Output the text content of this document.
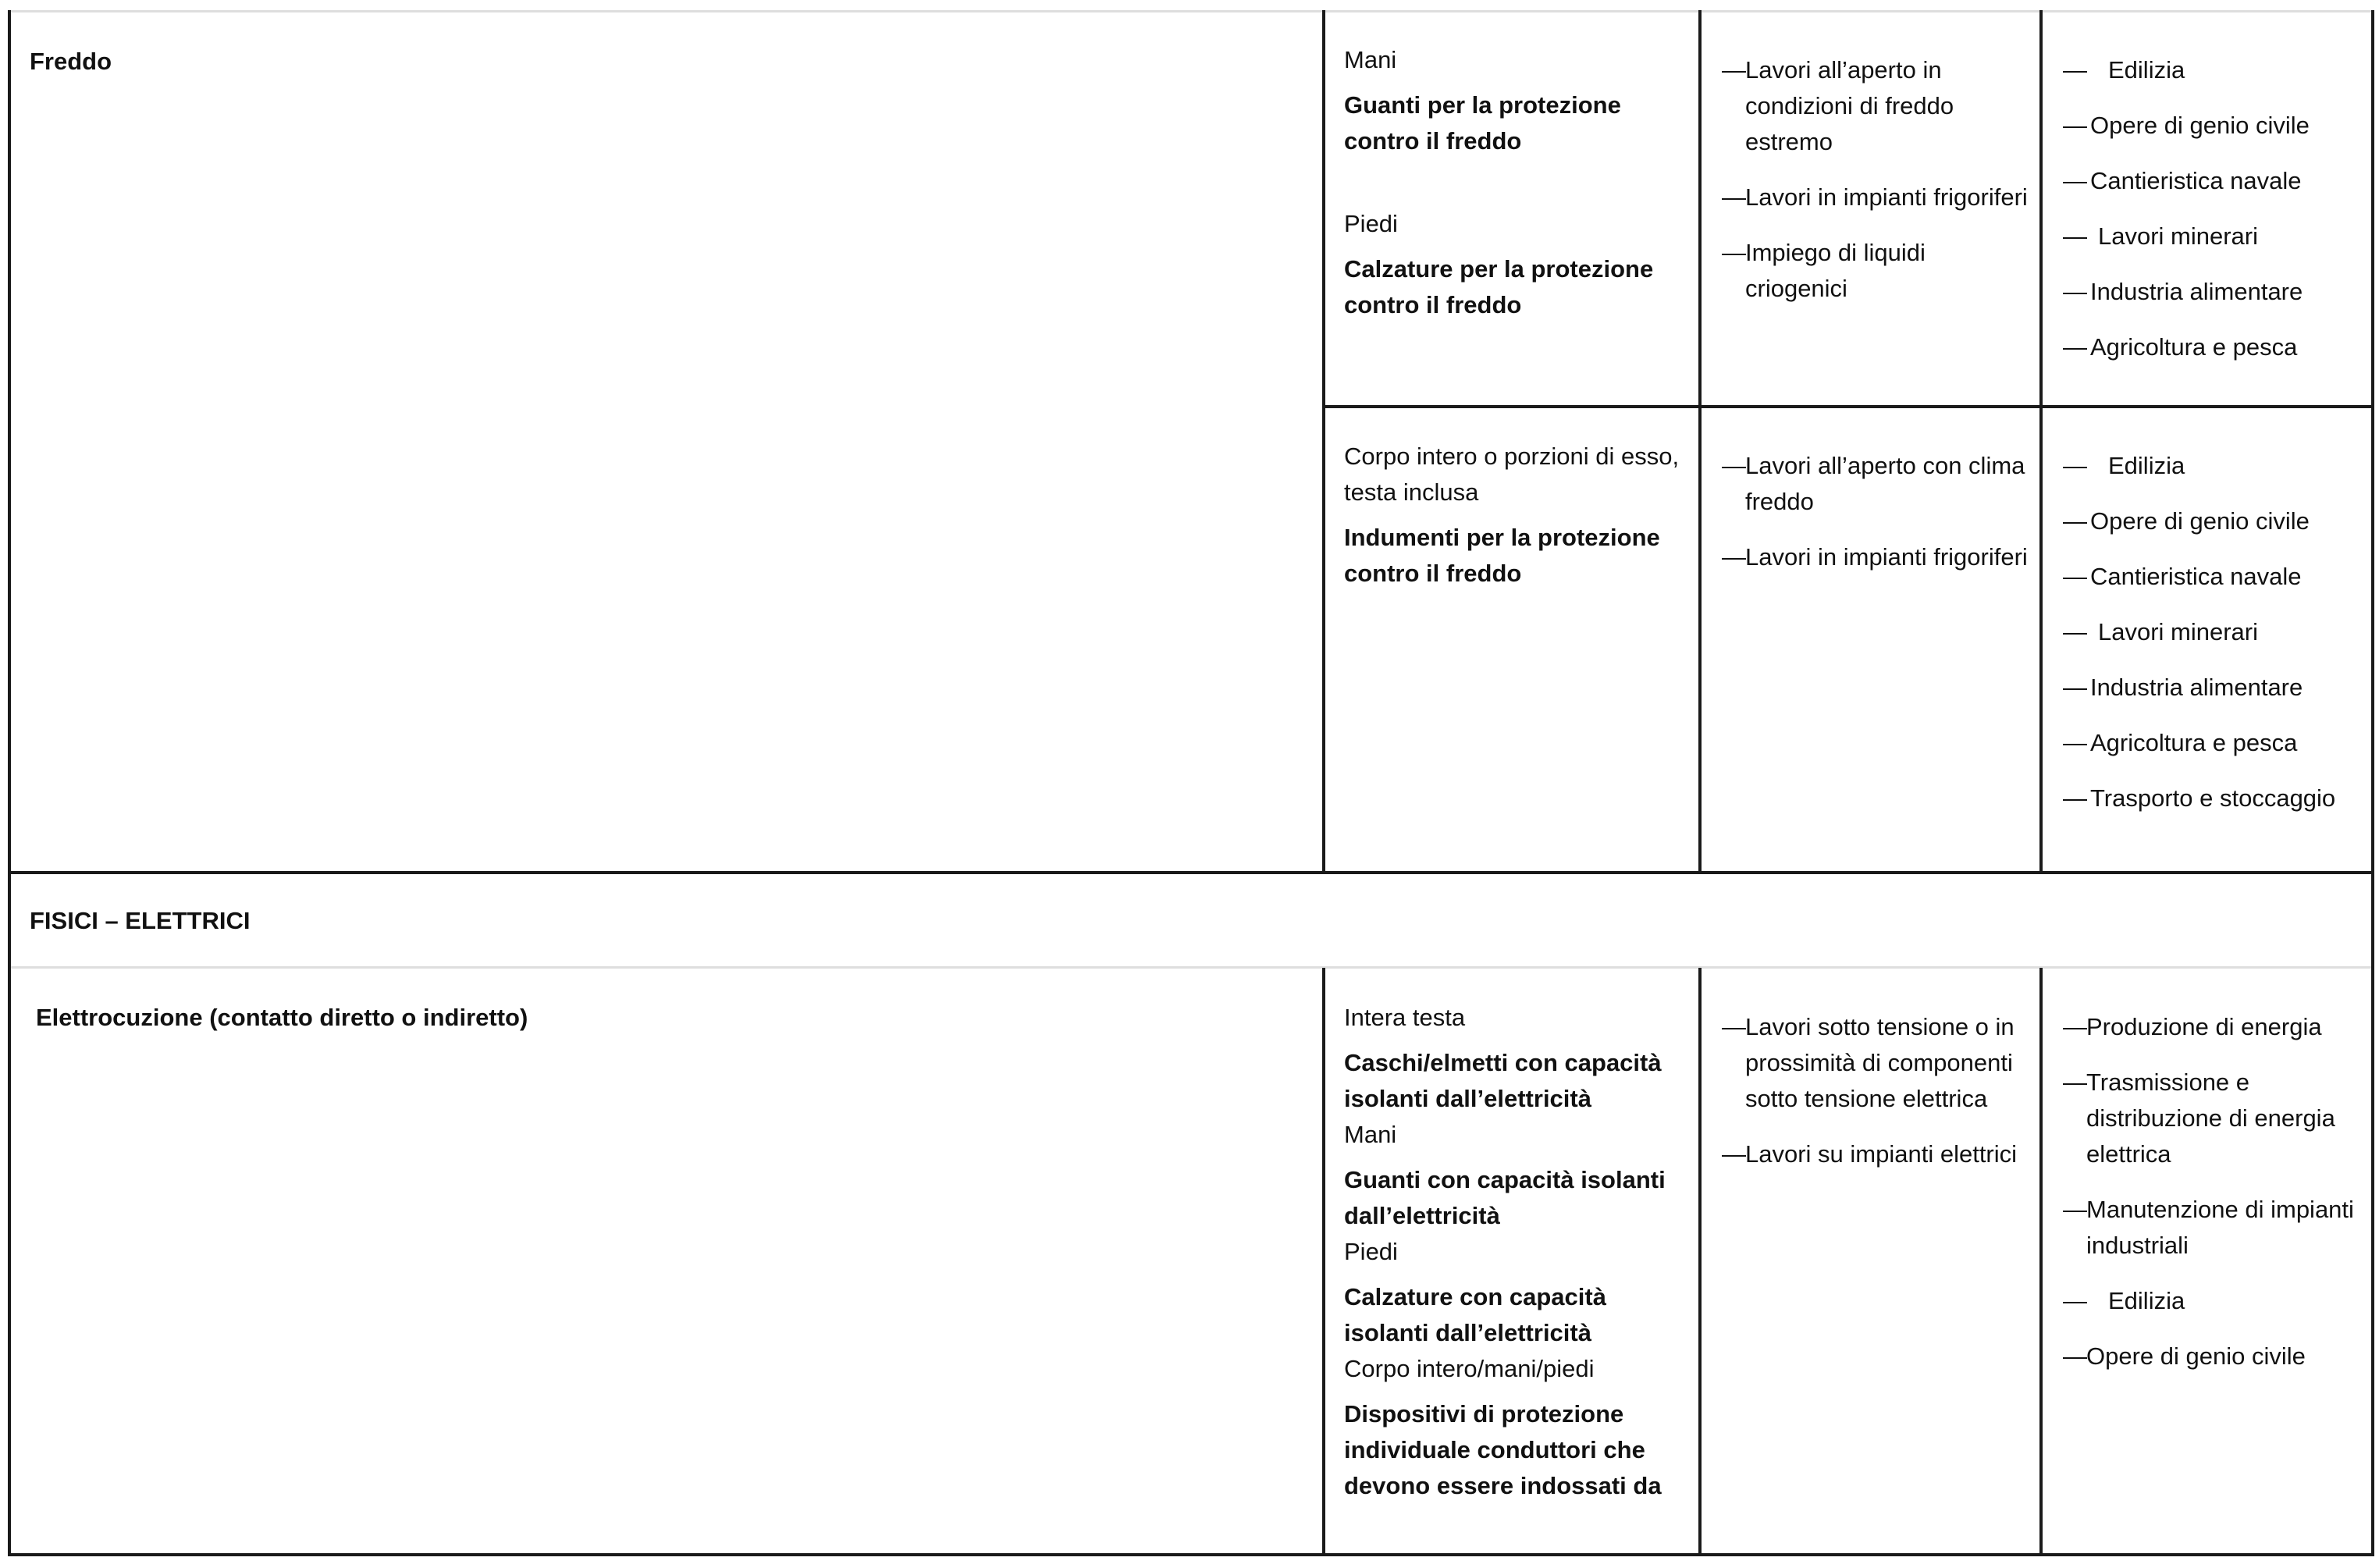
Freddo	Mani
Guanti per la protezione contro il freddo
Piedi
Calzature per la protezione contro il freddo
— Lavori all’aperto in condizioni di freddo estremo
— Lavori in impianti frigoriferi
— Impiego di liquidi criogenici
— Edilizia
— Opere di genio civile
— Cantieristica navale
— Lavori minerari
— Industria alimentare
— Agricoltura e pesca
Corpo intero o porzioni di esso, testa inclusa
Indumenti per la protezione contro il freddo
— Lavori all’aperto con clima freddo
— Lavori in impianti frigoriferi
— Edilizia
— Opere di genio civile
— Cantieristica navale
— Lavori minerari
— Industria alimentare
— Agricoltura e pesca
— Trasporto e stoccaggio
FISICI – ELETTRICI
Elettrocuzione (contatto diretto o indiretto)	Intera testa
Caschi/elmetti con capacità isolanti dall’elettricità
Mani
Guanti con capacità isolanti dall’elettricità
Piedi
Calzature con capacità isolanti dall’elettricità
Corpo intero/mani/piedi
Dispositivi di protezione individuale conduttori che devono essere indossati da
— Lavori sotto tensione o in prossimità di componenti sotto tensione elettrica
— Lavori su impianti elettrici
— Produzione di energia
— Trasmissione e distribuzione di energia elettrica
— Manutenzione di impianti industriali
— Edilizia
— Opere di genio civile
